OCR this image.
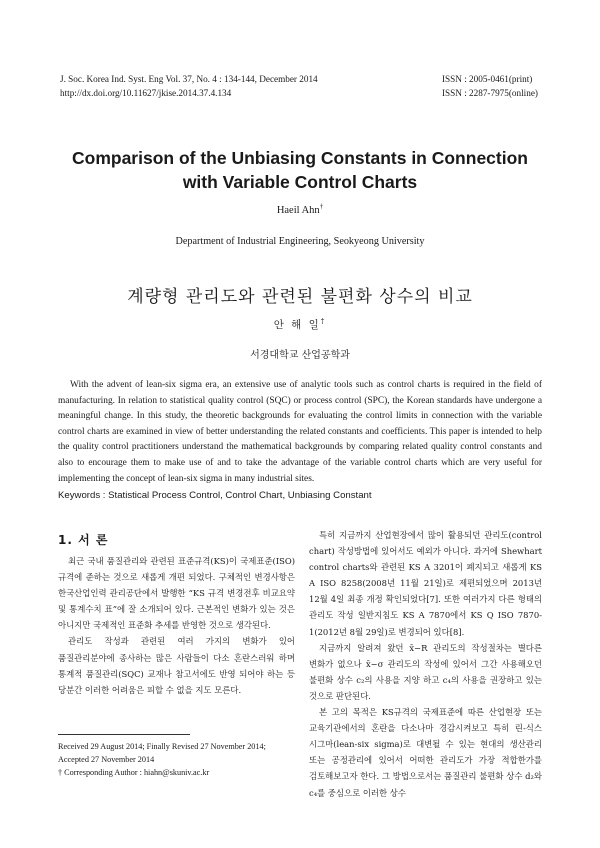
J. Soc. Korea Ind. Syst. Eng Vol. 37, No. 4 : 134-144, December 2014
http://dx.doi.org/10.11627/jkise.2014.37.4.134
ISSN : 2005-0461(print)
ISSN : 2287-7975(online)
Comparison of the Unbiasing Constants in Connection
with Variable Control Charts
Haeil Ahn†
Department of Industrial Engineering, Seokyeong University
계량형 관리도와 관련된 불편화 상수의 비교
안 해 일†
서경대학교 산업공학과
With the advent of lean-six sigma era, an extensive use of analytic tools such as control charts is required in the field of manufacturing. In relation to statistical quality control (SQC) or process control (SPC), the Korean standards have undergone a meaningful change. In this study, the theoretic backgrounds for evaluating the control limits in connection with the variable control charts are examined in view of better understanding the related constants and coefficients. This paper is intended to help the quality control practitioners understand the mathematical backgrounds by comparing related quality control constants and also to encourage them to make use of and to take the advantage of the variable control charts which are very useful for implementing the concept of lean-six sigma in many industrial sites.
Keywords : Statistical Process Control, Control Chart, Unbiasing Constant
1. 서 론

최근 국내 품질관리와 관련된 표준규격(KS)이 국제표준(ISO)규격에 준하는 것으로 새롭게 개편 되었다. 구체적인 변경사항은 한국산업인력 관리공단에서 발행한 “KS 규격 변경전후 비교요약 및 통계수치 표”에 잘 소개되어 있다. 근본적인 변화가 있는 것은 아니지만 국제적인 표준화 추세를 반영한 것으로 생각된다.

관리도 작성과 관련된 여러 가지의 변화가 있어 품질관리분야에 종사하는 많은 사람들이 다소 혼란스러워 하며 통계적 품질관리(SQC) 교재나 참고서에도 반영 되어야 하는 등 당분간 이러한 어려움은 피할 수 없을 지도 모른다.

특히 지금까지 산업현장에서 많이 활용되던 관리도(control chart) 작성방법에 있어서도 예외가 아니다. 과거에 Shewhart control charts와 관련된 KS A 3201이 폐지되고 새롭게 KS A ISO 8258(2008년 11월 21일)로 제편되었으며 2013년 12월 4일 최종 개정 확인되었다[7]. 또한 여러가지 다른 형태의 관리도 작성 일반지침도 KS A 7870에서 KS Q ISO 7870-1(2012년 8월 29일)로 변경되어 있다[8].

지금까지 알려져 왔던 x̄−R 관리도의 작성절차는 별다른 변화가 없으나 x̄−σ 관리도의 작성에 있어서 그간 사용해오던 불편화 상수 c₂의 사용을 지양 하고 c₄의 사용을 권장하고 있는 것으로 판단된다.

본 고의 목적은 KS규격의 국제표준에 따른 산업현장 또는 교육기관에서의 혼란을 다소나마 경감시켜보고 특히 린-식스 시그마(lean-six sigma)로 대변될 수 있는 현대의 생산관리 또는 공정관리에 있어서 어떠한 관리도가 가장 적합한가를 검토해보고자 한다. 그 방법으로서는 품질관리 불편화 상수 d₂와 c₄를 중심으로 이러한 상수

Received 29 August 2014; Finally Revised 27 November 2014;
Accepted 27 November 2014
† Corresponding Author : hiahn@skuniv.ac.kr
